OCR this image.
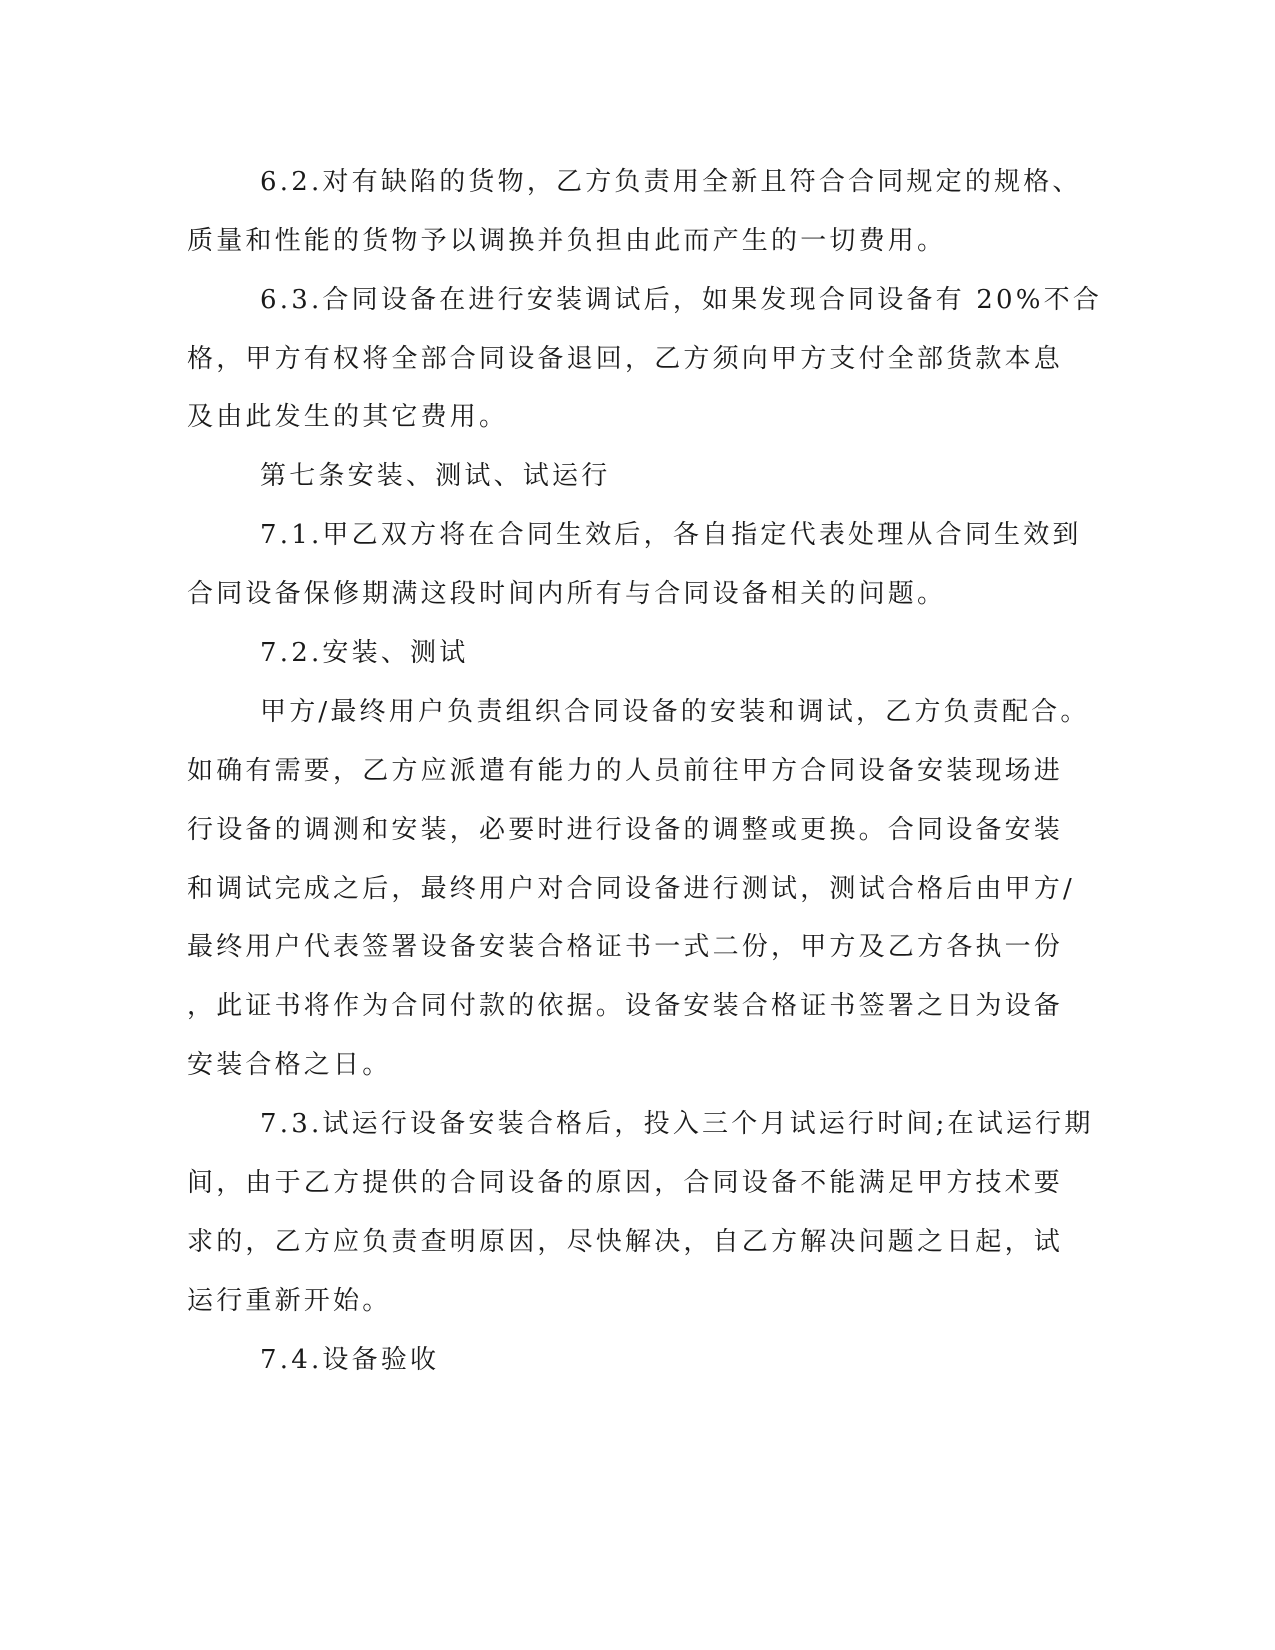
6.2.对有缺陷的货物，乙方负责用全新且符合合同规定的规格、
质量和性能的货物予以调换并负担由此而产生的一切费用。
6.3.合同设备在进行安装调试后，如果发现合同设备有 20%不合
格，甲方有权将全部合同设备退回，乙方须向甲方支付全部货款本息
及由此发生的其它费用。
第七条安装、测试、试运行
7.1.甲乙双方将在合同生效后，各自指定代表处理从合同生效到
合同设备保修期满这段时间内所有与合同设备相关的问题。
7.2.安装、测试
甲方/最终用户负责组织合同设备的安装和调试，乙方负责配合。
如确有需要，乙方应派遣有能力的人员前往甲方合同设备安装现场进
行设备的调测和安装，必要时进行设备的调整或更换。合同设备安装
和调试完成之后，最终用户对合同设备进行测试，测试合格后由甲方/
最终用户代表签署设备安装合格证书一式二份，甲方及乙方各执一份
，此证书将作为合同付款的依据。设备安装合格证书签署之日为设备
安装合格之日。
7.3.试运行设备安装合格后，投入三个月试运行时间;在试运行期
间，由于乙方提供的合同设备的原因，合同设备不能满足甲方技术要
求的，乙方应负责查明原因，尽快解决，自乙方解决问题之日起，试
运行重新开始。
7.4.设备验收
